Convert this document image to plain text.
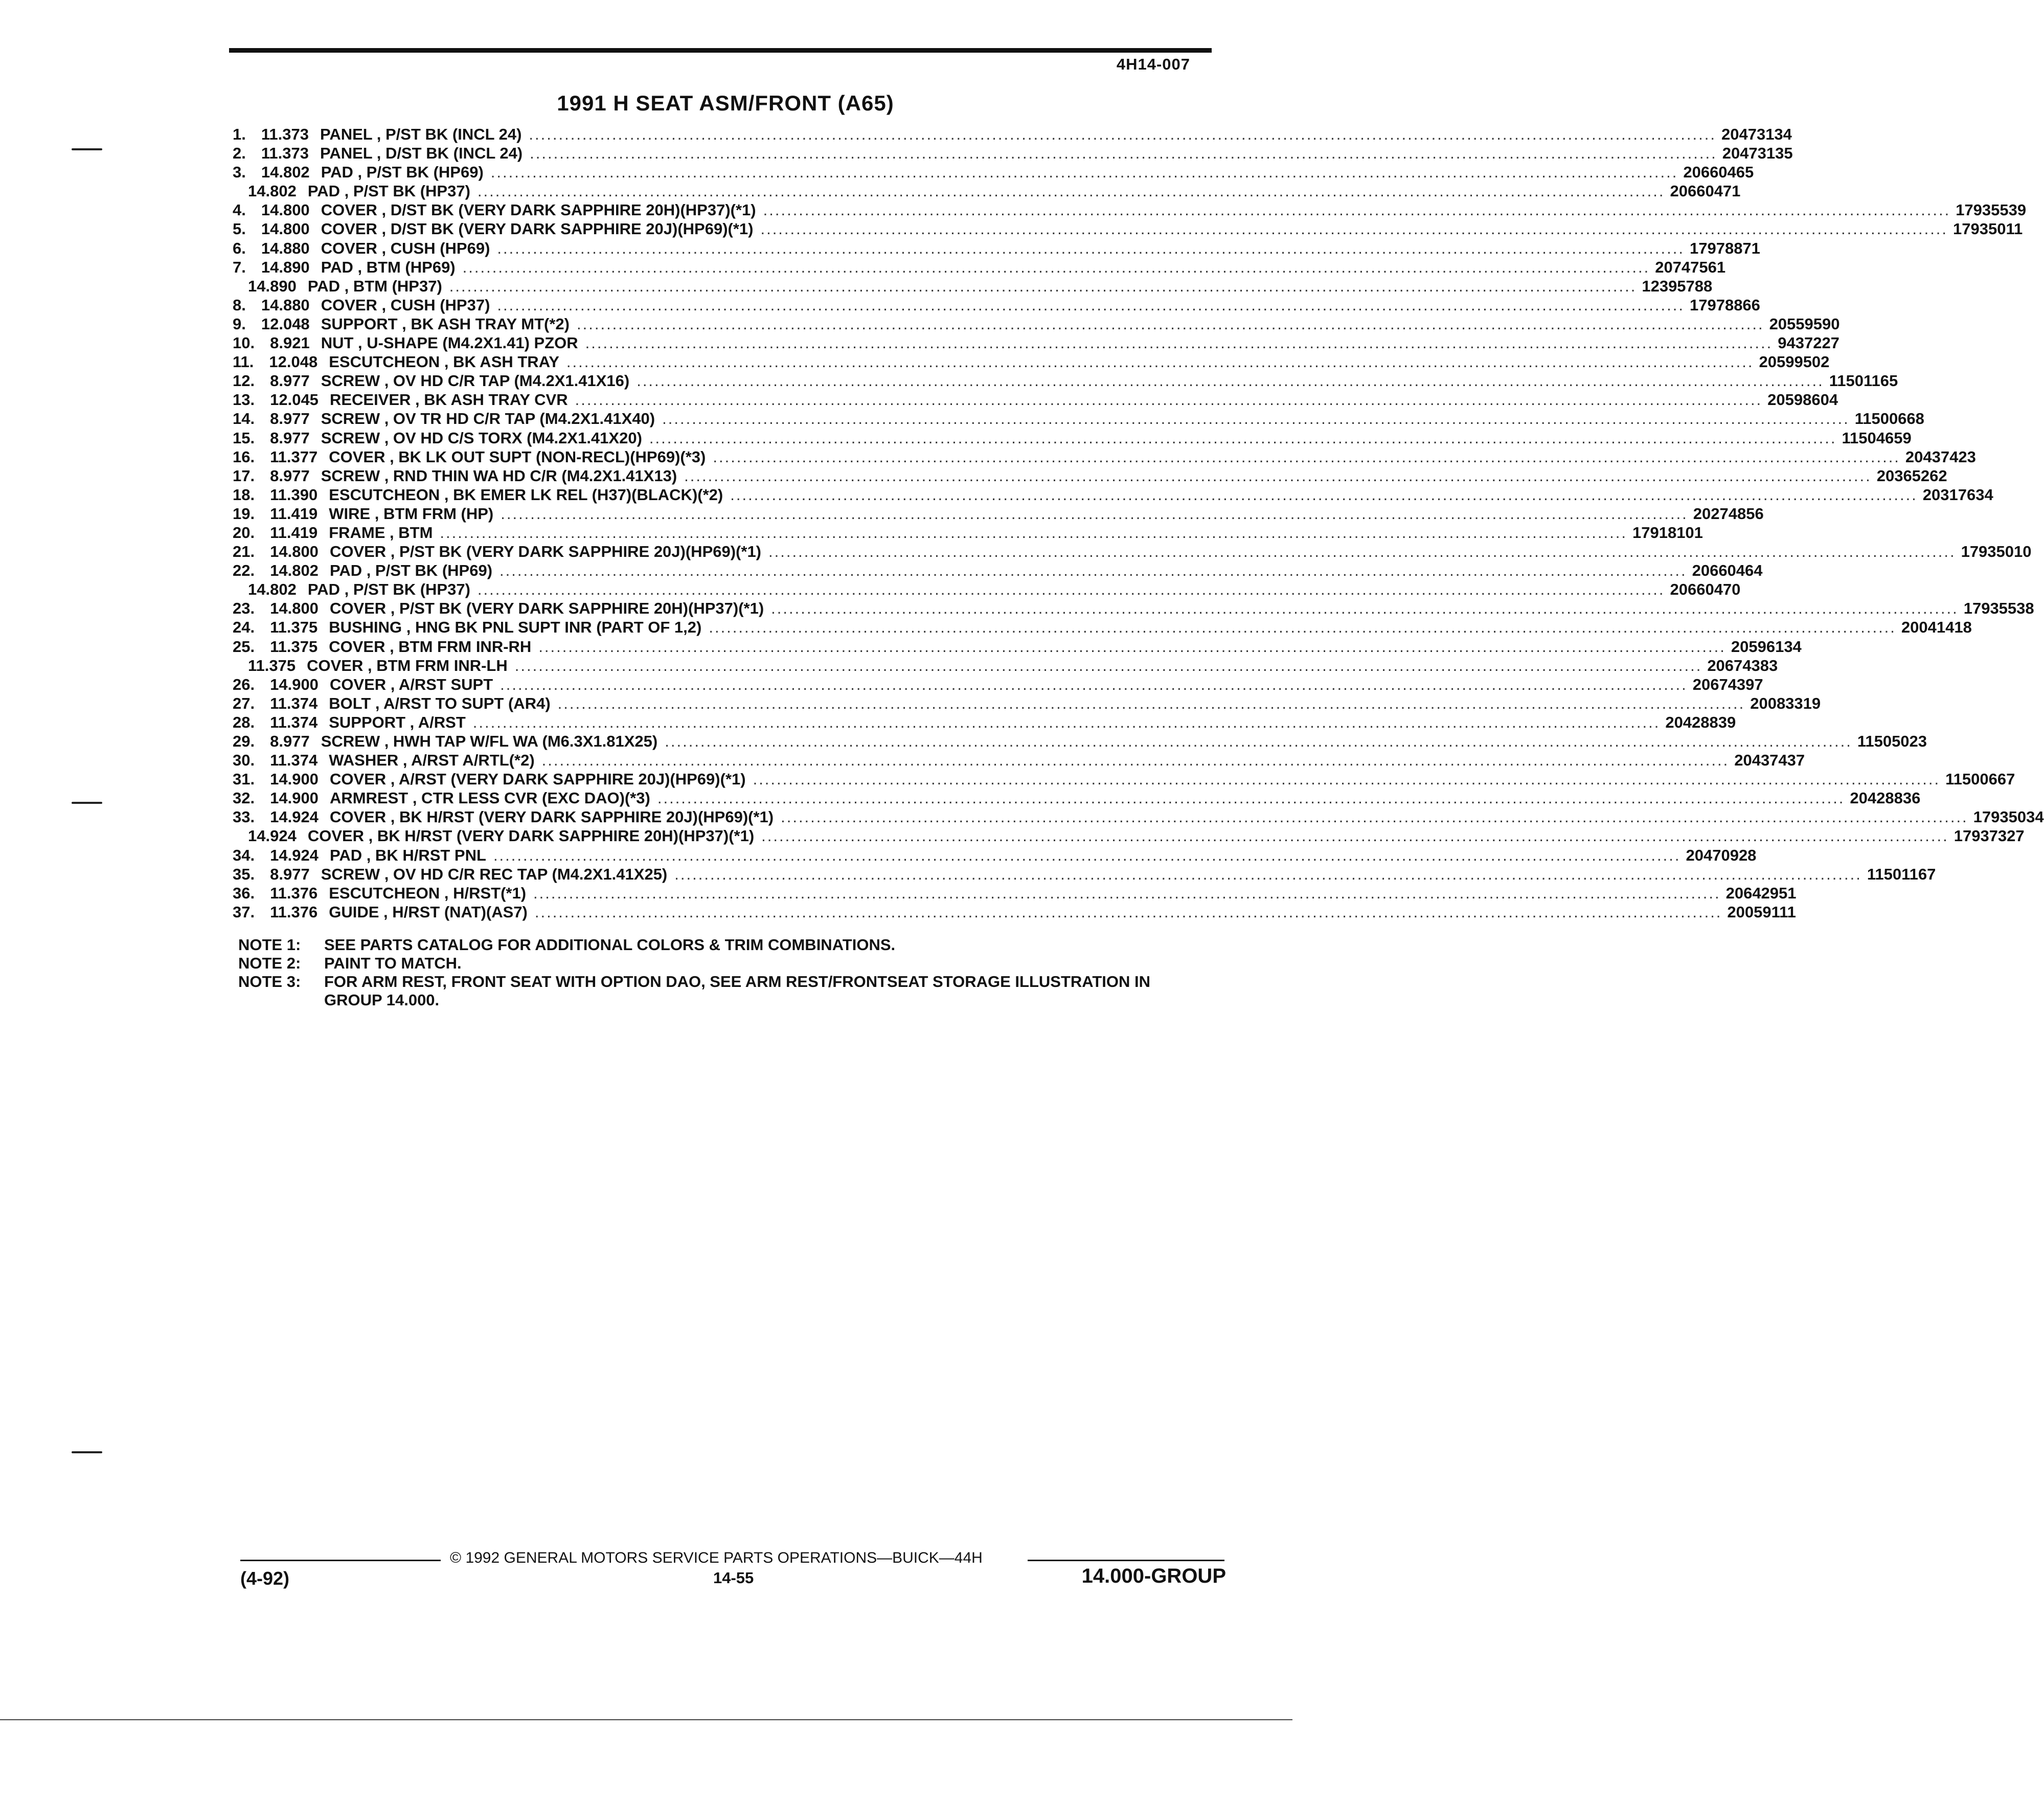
4H14-007
1991 H SEAT ASM/FRONT (A65)
1. 11.373 PANEL , P/ST BK (INCL 24) ........................................................................................................................................................................................................ 20473134
2. 11.373 PANEL , D/ST BK (INCL 24) ........................................................................................................................................................................................................ 20473135
3. 14.802 PAD , P/ST BK (HP69) ........................................................................................................................................................................................................ 20660465
14.802 PAD , P/ST BK (HP37) ........................................................................................................................................................................................................ 20660471
4. 14.800 COVER , D/ST BK (VERY DARK SAPPHIRE 20H)(HP37)(*1) ........................................................................................................................................................................................................ 17935539
5. 14.800 COVER , D/ST BK (VERY DARK SAPPHIRE 20J)(HP69)(*1) ........................................................................................................................................................................................................ 17935011
6. 14.880 COVER , CUSH (HP69) ........................................................................................................................................................................................................ 17978871
7. 14.890 PAD , BTM (HP69) ........................................................................................................................................................................................................ 20747561
14.890 PAD , BTM (HP37) ........................................................................................................................................................................................................ 12395788
8. 14.880 COVER , CUSH (HP37) ........................................................................................................................................................................................................ 17978866
9. 12.048 SUPPORT , BK ASH TRAY MT(*2) ........................................................................................................................................................................................................ 20559590
10. 8.921 NUT , U-SHAPE (M4.2X1.41) PZOR ........................................................................................................................................................................................................ 9437227
11. 12.048 ESCUTCHEON , BK ASH TRAY ........................................................................................................................................................................................................ 20599502
12. 8.977 SCREW , OV HD C/R TAP (M4.2X1.41X16) ........................................................................................................................................................................................................ 11501165
13. 12.045 RECEIVER , BK ASH TRAY CVR ........................................................................................................................................................................................................ 20598604
14. 8.977 SCREW , OV TR HD C/R TAP (M4.2X1.41X40) ........................................................................................................................................................................................................ 11500668
15. 8.977 SCREW , OV HD C/S TORX (M4.2X1.41X20) ........................................................................................................................................................................................................ 11504659
16. 11.377 COVER , BK LK OUT SUPT (NON-RECL)(HP69)(*3) ........................................................................................................................................................................................................ 20437423
17. 8.977 SCREW , RND THIN WA HD C/R (M4.2X1.41X13) ........................................................................................................................................................................................................ 20365262
18. 11.390 ESCUTCHEON , BK EMER LK REL (H37)(BLACK)(*2) ........................................................................................................................................................................................................ 20317634
19. 11.419 WIRE , BTM FRM (HP) ........................................................................................................................................................................................................ 20274856
20. 11.419 FRAME , BTM ........................................................................................................................................................................................................ 17918101
21. 14.800 COVER , P/ST BK (VERY DARK SAPPHIRE 20J)(HP69)(*1) ........................................................................................................................................................................................................ 17935010
22. 14.802 PAD , P/ST BK (HP69) ........................................................................................................................................................................................................ 20660464
14.802 PAD , P/ST BK (HP37) ........................................................................................................................................................................................................ 20660470
23. 14.800 COVER , P/ST BK (VERY DARK SAPPHIRE 20H)(HP37)(*1) ........................................................................................................................................................................................................ 17935538
24. 11.375 BUSHING , HNG BK PNL SUPT INR (PART OF 1,2) ........................................................................................................................................................................................................ 20041418
25. 11.375 COVER , BTM FRM INR-RH ........................................................................................................................................................................................................ 20596134
11.375 COVER , BTM FRM INR-LH ........................................................................................................................................................................................................ 20674383
26. 14.900 COVER , A/RST SUPT ........................................................................................................................................................................................................ 20674397
27. 11.374 BOLT , A/RST TO SUPT (AR4) ........................................................................................................................................................................................................ 20083319
28. 11.374 SUPPORT , A/RST ........................................................................................................................................................................................................ 20428839
29. 8.977 SCREW , HWH TAP W/FL WA (M6.3X1.81X25) ........................................................................................................................................................................................................ 11505023
30. 11.374 WASHER , A/RST A/RTL(*2) ........................................................................................................................................................................................................ 20437437
31. 14.900 COVER , A/RST (VERY DARK SAPPHIRE 20J)(HP69)(*1) ........................................................................................................................................................................................................ 11500667
32. 14.900 ARMREST , CTR LESS CVR (EXC DAO)(*3) ........................................................................................................................................................................................................ 20428836
33. 14.924 COVER , BK H/RST (VERY DARK SAPPHIRE 20J)(HP69)(*1) ........................................................................................................................................................................................................ 17935034
14.924 COVER , BK H/RST (VERY DARK SAPPHIRE 20H)(HP37)(*1) ........................................................................................................................................................................................................ 17937327
34. 14.924 PAD , BK H/RST PNL ........................................................................................................................................................................................................ 20470928
35. 8.977 SCREW , OV HD C/R REC TAP (M4.2X1.41X25) ........................................................................................................................................................................................................ 11501167
36. 11.376 ESCUTCHEON , H/RST(*1) ........................................................................................................................................................................................................ 20642951
37. 11.376 GUIDE , H/RST (NAT)(AS7) ........................................................................................................................................................................................................ 20059111
NOTE 1:	SEE PARTS CATALOG FOR ADDITIONAL COLORS & TRIM COMBINATIONS.
NOTE 2:	PAINT TO MATCH.
NOTE 3:	FOR ARM REST, FRONT SEAT WITH OPTION DAO, SEE ARM REST/FRONTSEAT STORAGE ILLUSTRATION IN GROUP 14.000.
© 1992 GENERAL MOTORS SERVICE PARTS OPERATIONS—BUICK—44H
(4-92)	14-55	14.000-GROUP
